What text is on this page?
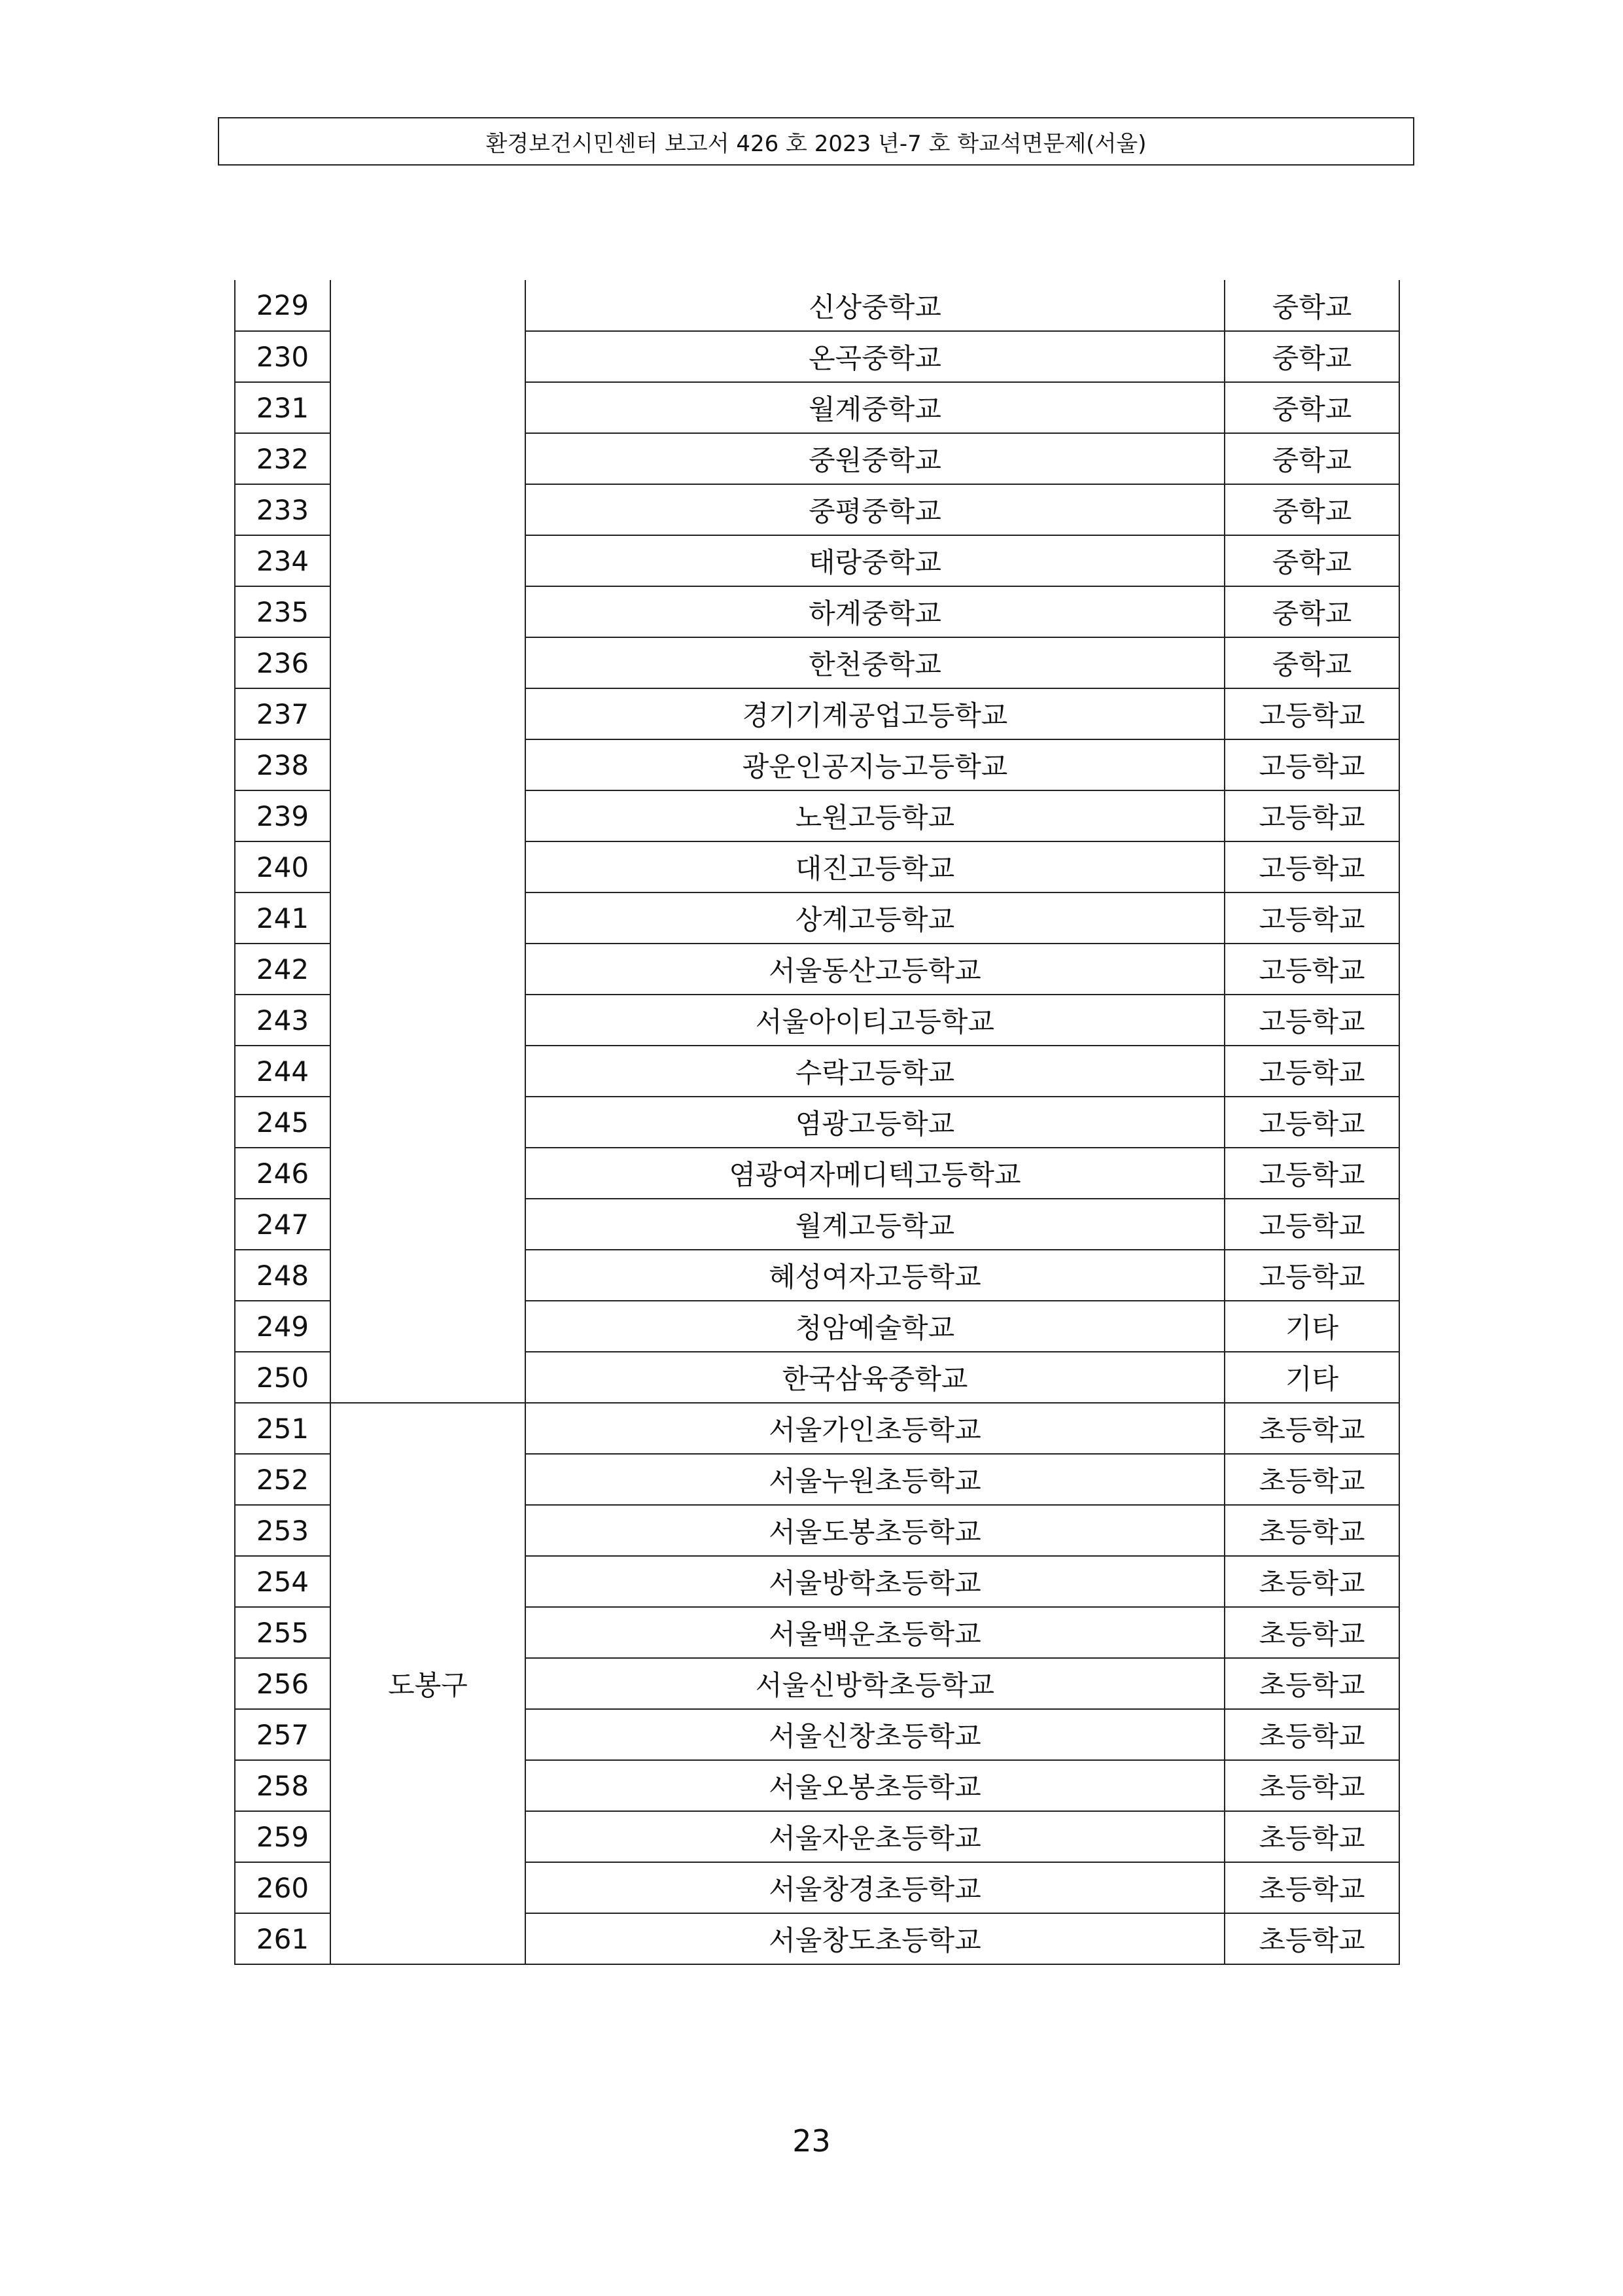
환경보건시민센터 보고서 426 호 2023 년-7 호 학교석면문제(서울)
229		신상중학교	중학교
230		온곡중학교	중학교
231		월계중학교	중학교
232		중원중학교	중학교
233		중평중학교	중학교
234		태랑중학교	중학교
235		하계중학교	중학교
236		한천중학교	중학교
237		경기기계공업고등학교	고등학교
238		광운인공지능고등학교	고등학교
239		노원고등학교	고등학교
240		대진고등학교	고등학교
241		상계고등학교	고등학교
242		서울동산고등학교	고등학교
243		서울아이티고등학교	고등학교
244		수락고등학교	고등학교
245		염광고등학교	고등학교
246		염광여자메디텍고등학교	고등학교
247		월계고등학교	고등학교
248		혜성여자고등학교	고등학교
249		청암예술학교	기타
250		한국삼육중학교	기타
251	도봉구	서울가인초등학교	초등학교
252		서울누원초등학교	초등학교
253		서울도봉초등학교	초등학교
254		서울방학초등학교	초등학교
255		서울백운초등학교	초등학교
256		서울신방학초등학교	초등학교
257		서울신창초등학교	초등학교
258		서울오봉초등학교	초등학교
259		서울자운초등학교	초등학교
260		서울창경초등학교	초등학교
261		서울창도초등학교	초등학교
23
